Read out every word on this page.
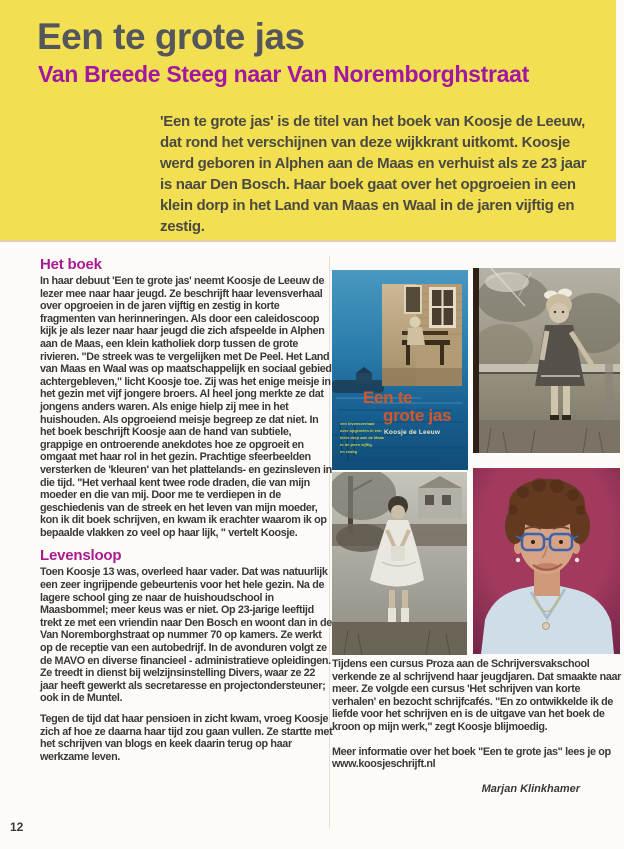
Een te grote jas
Van Breede Steeg naar Van Noremborghstraat
'Een te grote jas' is de titel van het boek van Koosje de Leeuw, dat rond het verschijnen van deze wijkkrant uitkomt. Koosje werd geboren in Alphen aan de Maas en verhuist als ze 23 jaar is naar Den Bosch. Haar boek gaat over het opgroeien in een klein dorp in het Land van Maas en Waal in de jaren vijftig en zestig.
Het boek

In haar debuut 'Een te grote jas' neemt Koosje de Leeuw de lezer mee naar haar jeugd. Ze beschrijft haar levensverhaal over opgroeien in de jaren vijftig en zestig in korte fragmenten van herinneringen. Als door een caleidoscoop kijk je als lezer naar haar jeugd die zich afspeelde in Alphen aan de Maas, een klein katholiek dorp tussen de grote rivieren. "De streek was te vergelijken met De Peel. Het Land van Maas en Waal was op maatschappelijk en sociaal gebied achtergebleven," licht Koosje toe. Zij was het enige meisje in het gezin met vijf jongere broers. Al heel jong merkte ze dat jongens anders waren. Als enige hielp zij mee in het huishouden. Als opgroeiend meisje begreep ze dat niet. In het boek beschrijft Koosje aan de hand van subtiele, grappige en ontroerende anekdotes hoe ze opgroeit en omgaat met haar rol in het gezin. Prachtige sfeerbeelden versterken de 'kleuren' van het plattelands- en gezinsleven in die tijd. "Het verhaal kent twee rode draden, die van mijn moeder en die van mij. Door me te verdiepen in de geschiedenis van de streek en het leven van mijn moeder, kon ik dit boek schrijven, en kwam ik erachter waarom ik op bepaalde vlakken zo veel op haar lijk, " vertelt Koosje.

Levensloop

Toen Koosje 13 was, overleed haar vader. Dat was natuurlijk een zeer ingrijpende gebeurtenis voor het hele gezin. Na de lagere school ging ze naar de huishoudschool in Maasbommel; meer keus was er niet. Op 23-jarige leeftijd trekt ze met een vriendin naar Den Bosch en woont dan in de Van Noremborghstraat op nummer 70 op kamers. Ze werkt op de receptie van een autobedrijf. In de avonduren volgt ze de MAVO en diverse financieel - administratieve opleidingen. Ze treedt in dienst bij welzijnsinstelling Divers, waar ze 22 jaar heeft gewerkt als secretaresse en projectondersteuner; ook in de Muntel.

Tegen de tijd dat haar pensioen in zicht kwam, vroeg Koosje zich af hoe ze daarna haar tijd zou gaan vullen. Ze startte met het schrijven van blogs en keek daarin terug op haar werkzame leven.

12
Een te
grote jas
een levensverhaal
over opgroeien in een
klein dorp aan de Maas
in de jaren vijftig
en zestig
Koosje de Leeuw

Tijdens een cursus Proza aan de Schrijversvakschool verkende ze al schrijvend haar jeugdjaren. Dat smaakte naar meer. Ze volgde een cursus 'Het schrijven van korte verhalen' en bezocht schrijfcafés. "En zo ontwikkelde ik de liefde voor het schrijven en is de uitgave van het boek de kroon op mijn werk," zegt Koosje blijmoedig.

Meer informatie over het boek "Een te grote jas" lees je op www.koosjeschrijft.nl

Marjan Klinkhamer
